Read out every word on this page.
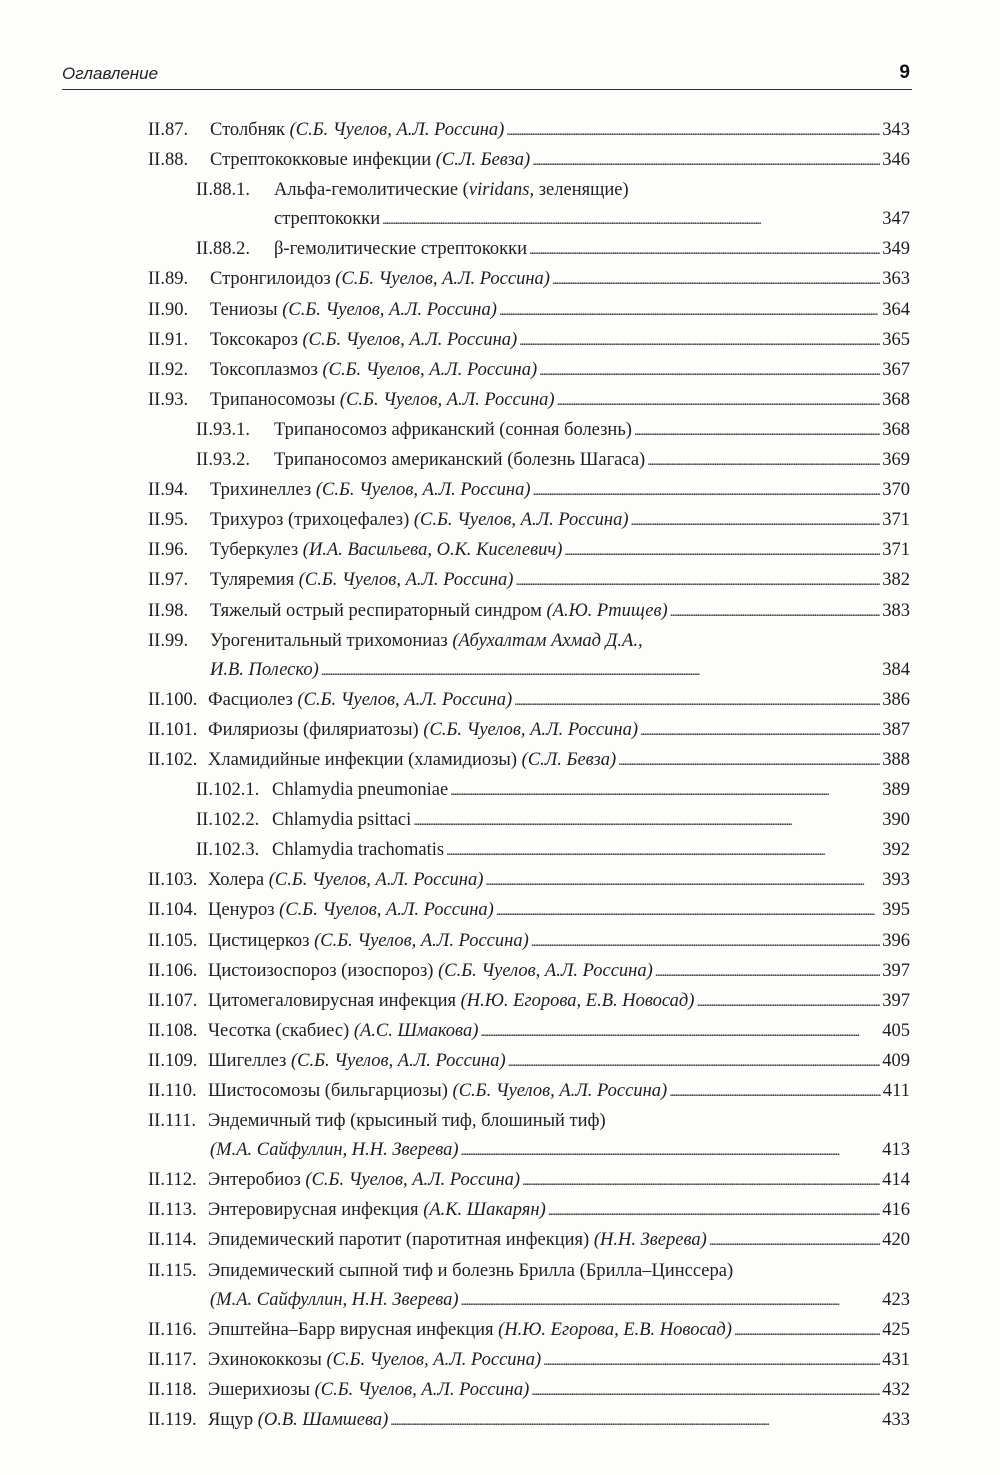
Оглавление	9
II.87.	Столбняк (С.Б. Чуелов, А.Л. Россина) . . .	343
II.88.	Стрептококковые инфекции (С.Л. Бевза) . . .	346
II.88.1.	Альфа-гемолитические (viridans, зеленящие)
стрептококки . . .	347
II.88.2.	β-гемолитические стрептококки . . .	349
II.89.	Стронгилоидоз (С.Б. Чуелов, А.Л. Россина) . . .	363
II.90.	Тениозы (С.Б. Чуелов, А.Л. Россина) . . .	364
II.91.	Токсокароз (С.Б. Чуелов, А.Л. Россина) . . .	365
II.92.	Токсоплазмоз (С.Б. Чуелов, А.Л. Россина) . . .	367
II.93.	Трипаносомозы (С.Б. Чуелов, А.Л. Россина) . . .	368
II.93.1.	Трипаносомоз африканский (сонная болезнь) . . .	368
II.93.2.	Трипаносомоз американский (болезнь Шагаса) . . .	369
II.94.	Трихинеллез (С.Б. Чуелов, А.Л. Россина) . . .	370
II.95.	Трихуроз (трихоцефалез) (С.Б. Чуелов, А.Л. Россина) . . .	371
II.96.	Туберкулез (И.А. Васильева, О.К. Киселевич) . . .	371
II.97.	Туляремия (С.Б. Чуелов, А.Л. Россина) . . .	382
II.98.	Тяжелый острый респираторный синдром (А.Ю. Ртищев) . . .	383
II.99.	Урогенитальный трихомониаз (Абухалтам Ахмад Д.А.,
И.В. Полеско) . . .	384
II.100. Фасциолез (С.Б. Чуелов, А.Л. Россина) . . .	386
II.101. Филяриозы (филяриатозы) (С.Б. Чуелов, А.Л. Россина) . . .	387
II.102. Хламидийные инфекции (хламидиозы) (С.Л. Бевза) . . .	388
II.102.1. Chlamydia pneumoniae . . .	389
II.102.2. Chlamydia psittaci . . .	390
II.102.3. Chlamydia trachomatis . . .	392
II.103. Холера (С.Б. Чуелов, А.Л. Россина) . . .	393
II.104. Ценуроз (С.Б. Чуелов, А.Л. Россина) . . .	395
II.105. Цистицеркоз (С.Б. Чуелов, А.Л. Россина) . . .	396
II.106. Цистоизоспороз (изоспороз) (С.Б. Чуелов, А.Л. Россина) . . .	397
II.107. Цитомегаловирусная инфекция (Н.Ю. Егорова, Е.В. Новосад) . . .	397
II.108. Чесотка (скабиес) (А.С. Шмакова) . . .	405
II.109. Шигеллез (С.Б. Чуелов, А.Л. Россина) . . .	409
II.110. Шистосомозы (бильгарциозы) (С.Б. Чуелов, А.Л. Россина) . . .	411
II.111. Эндемичный тиф (крысиный тиф, блошиный тиф)
(М.А. Сайфуллин, Н.Н. Зверева) . . .	413
II.112. Энтеробиоз (С.Б. Чуелов, А.Л. Россина) . . .	414
II.113. Энтеровирусная инфекция (А.К. Шакарян) . . .	416
II.114. Эпидемический паротит (паротитная инфекция) (Н.Н. Зверева) . . .	420
II.115. Эпидемический сыпной тиф и болезнь Брилла (Брилла–Цинссера)
(М.А. Сайфуллин, Н.Н. Зверева) . . .	423
II.116. Эпштейна–Барр вирусная инфекция (Н.Ю. Егорова, Е.В. Новосад) . . .	425
II.117. Эхинококкозы (С.Б. Чуелов, А.Л. Россина) . . .	431
II.118. Эшерихиозы (С.Б. Чуелов, А.Л. Россина) . . .	432
II.119. Ящур (О.В. Шамшева) . . .	433
